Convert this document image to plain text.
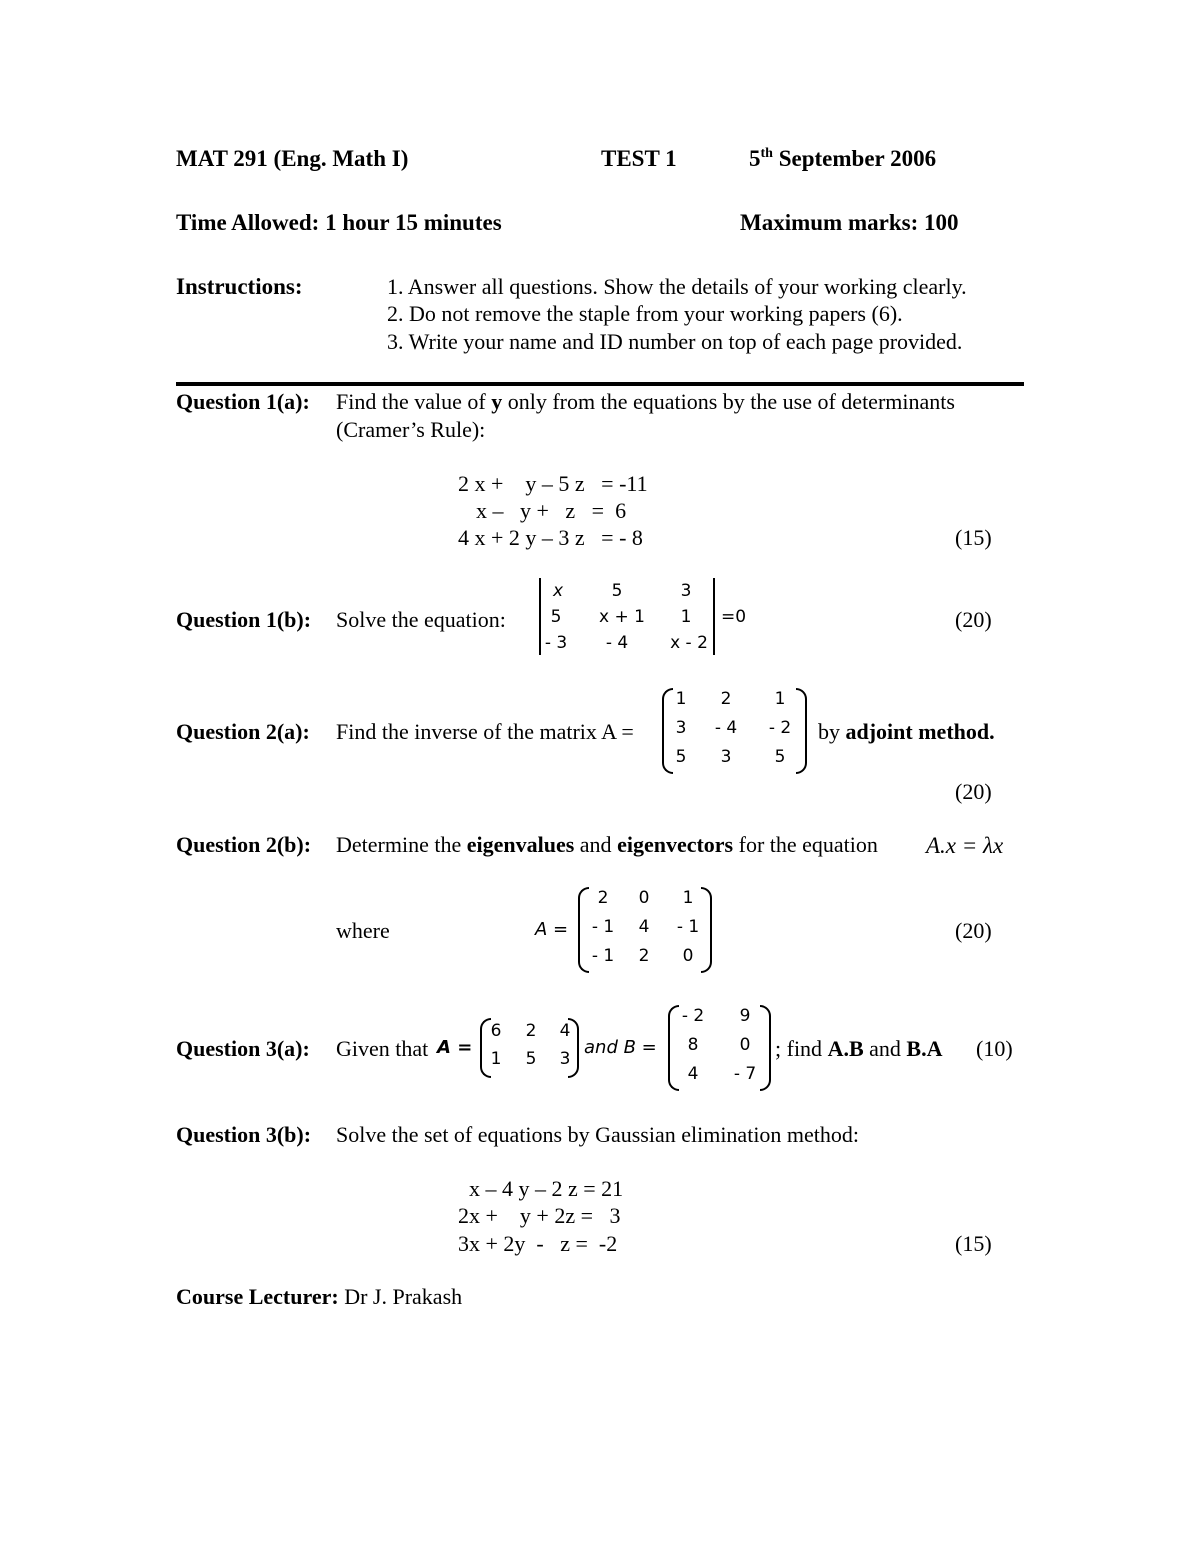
MAT 291 (Eng. Math I)	TEST 1	5th September 2006
Time Allowed: 1 hour 15 minutes	Maximum marks: 100
Instructions:	1. Answer all questions. Show the details of your working clearly.
2. Do not remove the staple from your working papers (6).
3. Write your name and ID number on top of each page provided.
Question 1(a): Find the value of y only from the equations by the use of determinants
(Cramer’s Rule):
2 x +    y – 5 z   = -11
x –   y +   z   =  6
4 x + 2 y – 3 z   = - 8	(15)
Question 1(b): Solve the equation:
x	5	3
5	x + 1	1
- 3	- 4	x - 2
=0	(20)
Question 2(a): Find the inverse of the matrix A =
1	2	1
3	- 4	- 2
5	3	5
by adjoint method.
(20)
Question 2(b): Determine the eigenvalues and eigenvectors for the equation A.x = λx
where	A =
2	0	1
- 1	4	- 1
- 1	2	0
(20)
Question 3(a): Given that A =
6	2	4
1	5	3
and B =
- 2	9
8	0
4	- 7
; find A.B and B.A (10)
Question 3(b): Solve the set of equations by Gaussian elimination method:
x – 4 y – 2 z = 21
2x +    y + 2z =   3
3x + 2y  -   z =  -2	(15)
Course Lecturer: Dr J. Prakash
